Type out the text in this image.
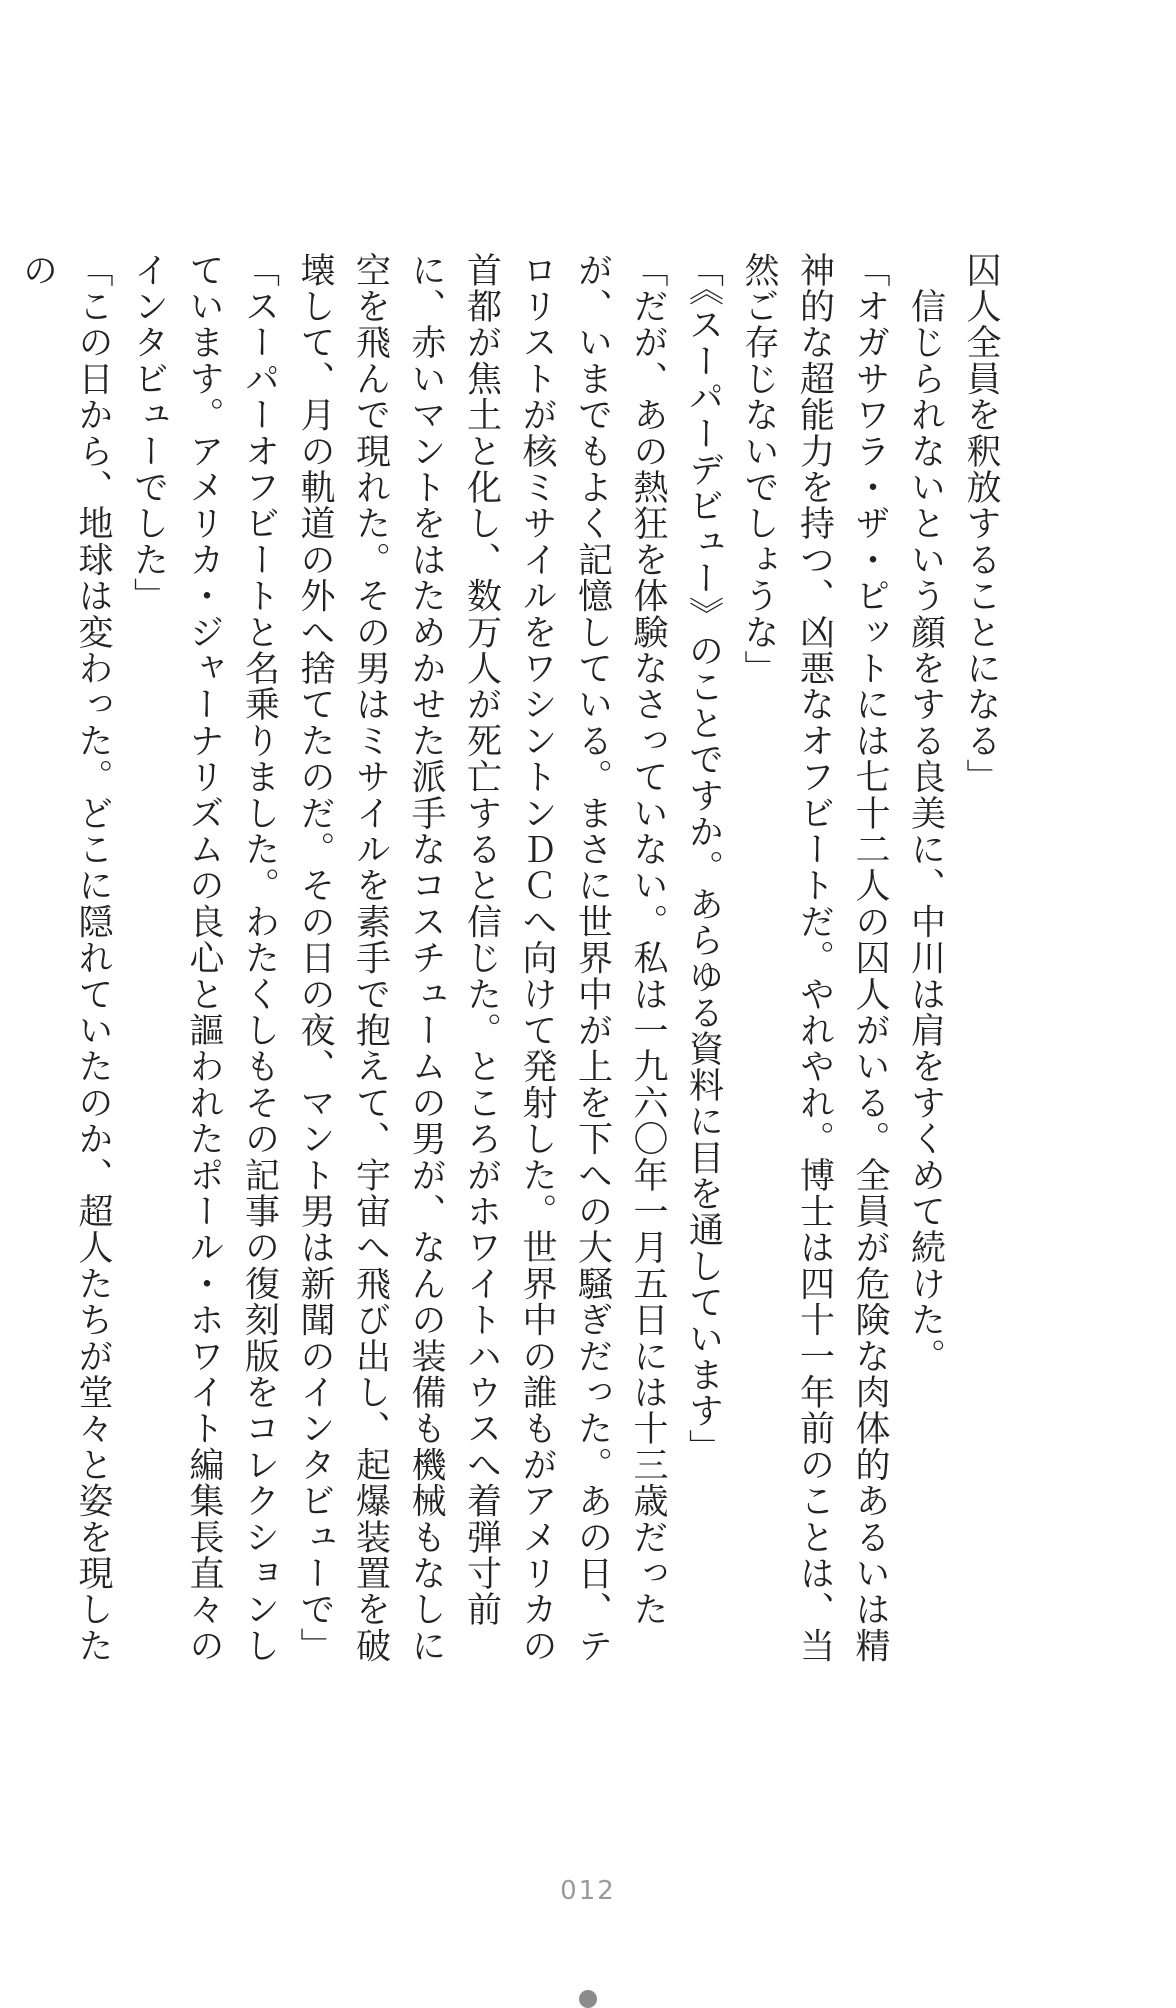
囚人全員を釈放することになる」

　信じられないという顔をする良美に、中川は肩をすくめて続けた。

「オガサワラ・ザ・ピットには七十二人の囚人がいる。全員が危険な肉体的あるいは精神的な超能力を持つ、凶悪なオフビートだ。やれやれ。博士は四十一年前のことは、当然ご存じないでしょうな」

「《スーパーデビュー》のことですか。あらゆる資料に目を通しています」

「だが、あの熱狂を体験なさっていない。私は一九六〇年一月五日には十三歳だったが、いまでもよく記憶している。まさに世界中が上を下への大騒ぎだった。あの日、テロリストが核ミサイルをワシントンＤＣへ向けて発射した。世界中の誰もがアメリカの首都が焦土と化し、数万人が死亡すると信じた。ところがホワイトハウスへ着弾寸前に、赤いマントをはためかせた派手なコスチュームの男が、なんの装備も機械もなしに空を飛んで現れた。その男はミサイルを素手で抱えて、宇宙へ飛び出し、起爆装置を破壊して、月の軌道の外へ捨てたのだ。その日の夜、マント男は新聞のインタビューで」

「スーパーオフビートと名乗りました。わたくしもその記事の復刻版をコレクションしています。アメリカ・ジャーナリズムの良心と謳われたポール・ホワイト編集長直々のインタビューでした」

「この日から、地球は変わった。どこに隠れていたのか、超人たちが堂々と姿を現したの

012
